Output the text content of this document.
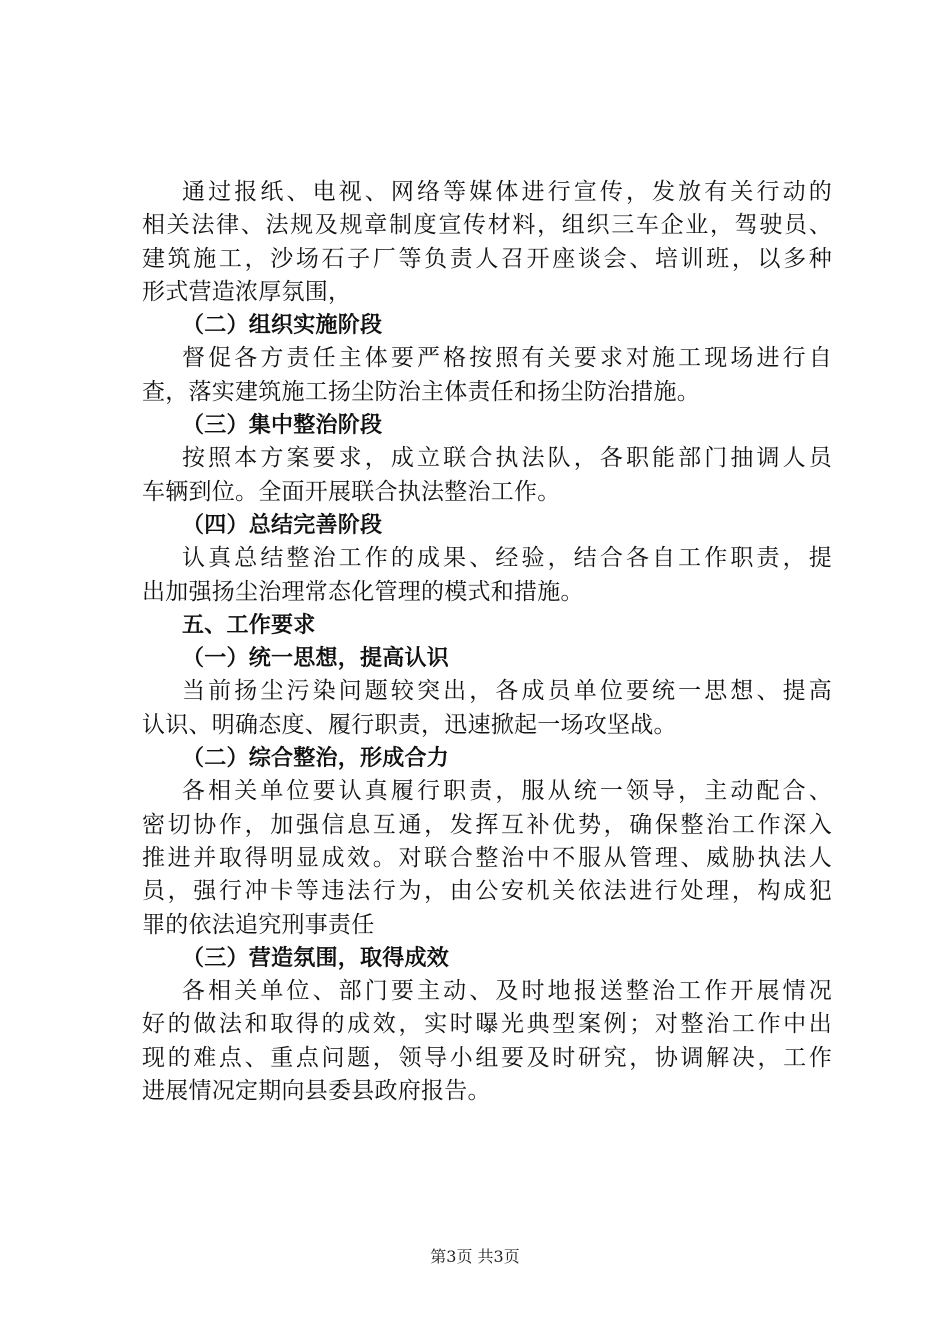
通过报纸、电视、网络等媒体进行宣传，发放有关行动的
相关法律、法规及规章制度宣传材料，组织三车企业，驾驶员、
建筑施工，沙场石子厂等负责人召开座谈会、培训班，以多种
形式营造浓厚氛围，
（二）组织实施阶段
督促各方责任主体要严格按照有关要求对施工现场进行自
查，落实建筑施工扬尘防治主体责任和扬尘防治措施。
（三）集中整治阶段
按照本方案要求，成立联合执法队，各职能部门抽调人员
车辆到位。全面开展联合执法整治工作。
（四）总结完善阶段
认真总结整治工作的成果、经验，结合各自工作职责，提
出加强扬尘治理常态化管理的模式和措施。
五、工作要求
（一）统一思想，提高认识
当前扬尘污染问题较突出，各成员单位要统一思想、提高
认识、明确态度、履行职责，迅速掀起一场攻坚战。
（二）综合整治，形成合力
各相关单位要认真履行职责，服从统一领导，主动配合、
密切协作，加强信息互通，发挥互补优势，确保整治工作深入
推进并取得明显成效。对联合整治中不服从管理、威胁执法人
员，强行冲卡等违法行为，由公安机关依法进行处理，构成犯
罪的依法追究刑事责任
（三）营造氛围，取得成效
各相关单位、部门要主动、及时地报送整治工作开展情况
好的做法和取得的成效，实时曝光典型案例；对整治工作中出
现的难点、重点问题，领导小组要及时研究，协调解决，工作
进展情况定期向县委县政府报告。
第3页 共3页
